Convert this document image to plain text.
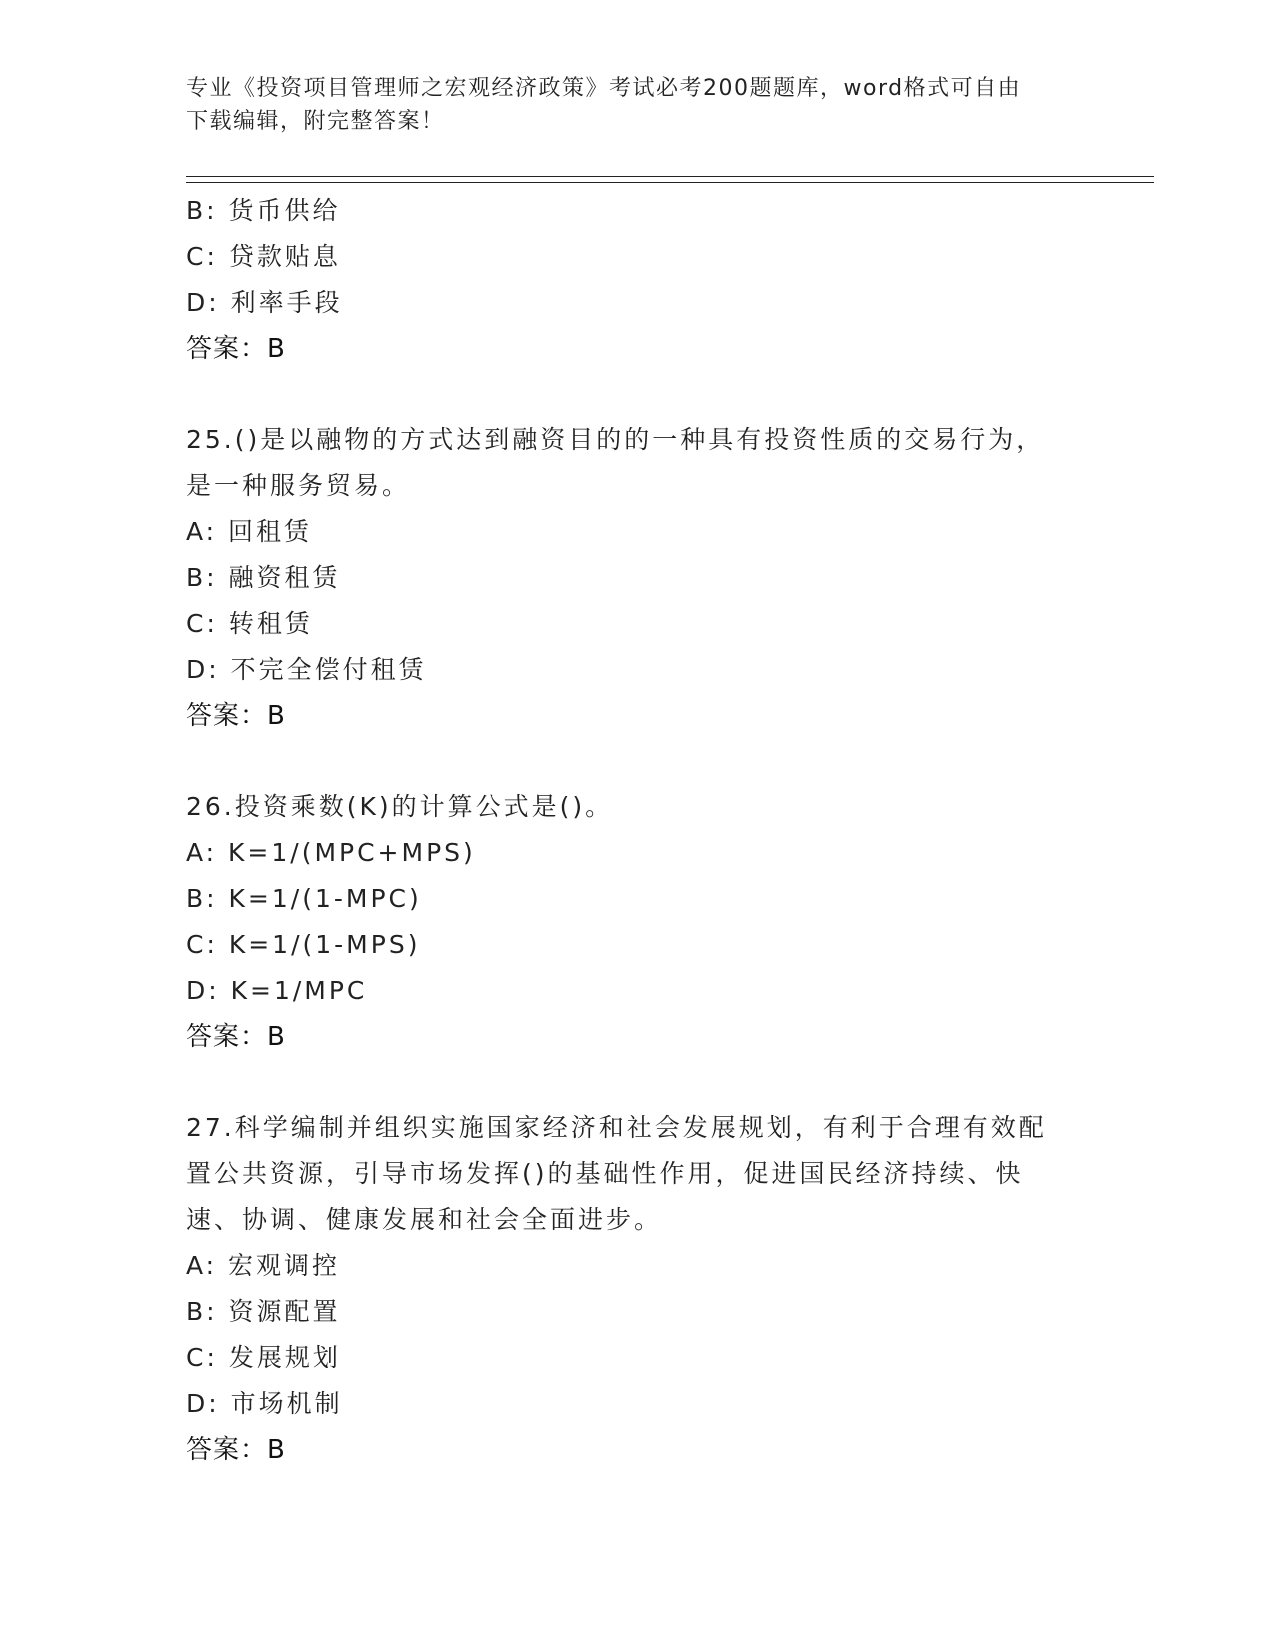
专业《投资项目管理师之宏观经济政策》考试必考200题题库，word格式可自由
下载编辑，附完整答案！
B: 货币供给
C: 贷款贴息
D: 利率手段
答案：B
25.()是以融物的方式达到融资目的的一种具有投资性质的交易行为，
是一种服务贸易。
A: 回租赁
B: 融资租赁
C: 转租赁
D: 不完全偿付租赁
答案：B
26.投资乘数(K)的计算公式是()。
A: K=1/(MPC+MPS)
B: K=1/(1-MPC)
C: K=1/(1-MPS)
D: K=1/MPC
答案：B
27.科学编制并组织实施国家经济和社会发展规划，有利于合理有效配
置公共资源，引导市场发挥()的基础性作用，促进国民经济持续、快
速、协调、健康发展和社会全面进步。
A: 宏观调控
B: 资源配置
C: 发展规划
D: 市场机制
答案：B
